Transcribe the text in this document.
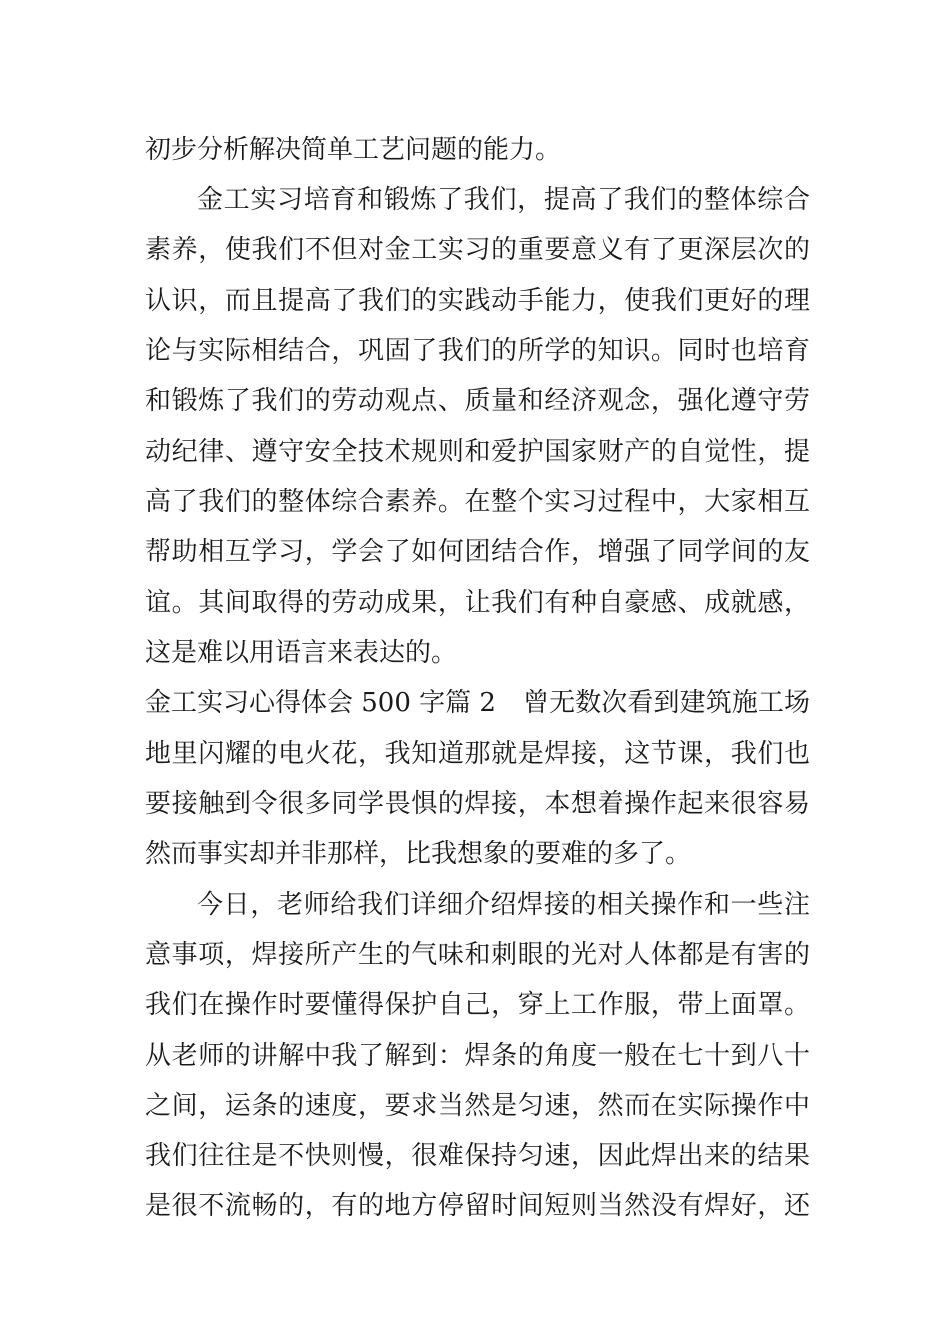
初步分析解决简单工艺问题的能力。
金工实习培育和锻炼了我们，提高了我们的整体综合
素养，使我们不但对金工实习的重要意义有了更深层次的
认识，而且提高了我们的实践动手能力，使我们更好的理
论与实际相结合，巩固了我们的所学的知识。同时也培育
和锻炼了我们的劳动观点、质量和经济观念，强化遵守劳
动纪律、遵守安全技术规则和爱护国家财产的自觉性，提
高了我们的整体综合素养。在整个实习过程中，大家相互
帮助相互学习，学会了如何团结合作，增强了同学间的友
谊。其间取得的劳动成果，让我们有种自豪感、成就感，
这是难以用语言来表达的。
金工实习心得体会 500 字篇 2 曾无数次看到建筑施工场
地里闪耀的电火花，我知道那就是焊接，这节课，我们也
要接触到令很多同学畏惧的焊接，本想着操作起来很容易
然而事实却并非那样，比我想象的要难的多了。
今日，老师给我们详细介绍焊接的相关操作和一些注
意事项，焊接所产生的气味和刺眼的光对人体都是有害的
我们在操作时要懂得保护自己，穿上工作服，带上面罩。
从老师的讲解中我了解到：焊条的角度一般在七十到八十
之间，运条的速度，要求当然是匀速，然而在实际操作中
我们往往是不快则慢，很难保持匀速，因此焊出来的结果
是很不流畅的，有的地方停留时间短则当然没有焊好，还
